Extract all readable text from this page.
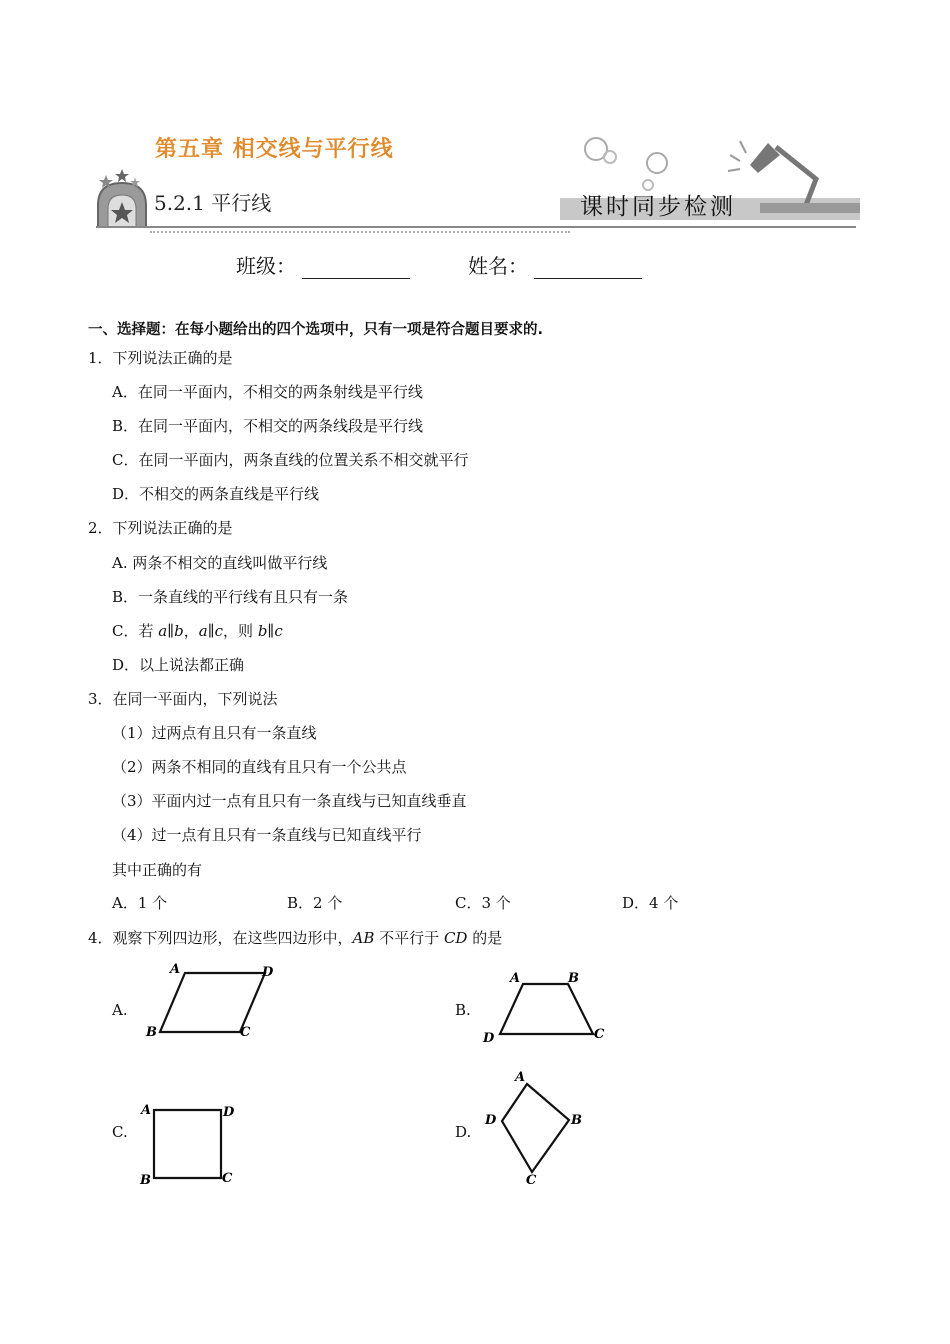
第五章 相交线与平行线
5.2.1 平行线	课时同步检测
班级：	姓名：
一、选择题：在每小题给出的四个选项中，只有一项是符合题目要求的.
1．下列说法正确的是
A．在同一平面内，不相交的两条射线是平行线
B．在同一平面内，不相交的两条线段是平行线
C．在同一平面内，两条直线的位置关系不相交就平行
D．不相交的两条直线是平行线
2．下列说法正确的是
A. 两条不相交的直线叫做平行线
B．一条直线的平行线有且只有一条
C．若 a∥b，a∥c，则 b∥c
D．以上说法都正确
3．在同一平面内，下列说法
（1）过两点有且只有一条直线
（2）两条不相同的直线有且只有一个公共点
（3）平面内过一点有且只有一条直线与已知直线垂直
（4）过一点有且只有一条直线与已知直线平行
其中正确的有
A．1 个	B．2 个	C．3 个	D．4 个
4．观察下列四边形，在这些四边形中，AB 不平行于 CD 的是
A.	B.
C.	D.
A	D
B	C
A	B
D	C
A	D
B	C
A
B
C
D
